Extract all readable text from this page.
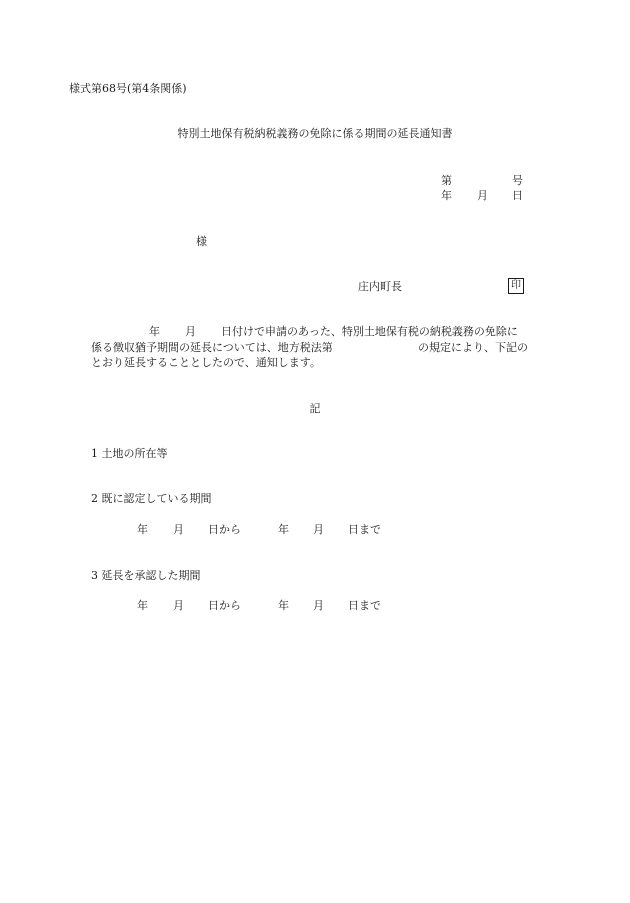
様式第68号(第4条関係)
特別土地保有税納税義務の免除に係る期間の延長通知書
第	号
年 月 日
様
庄内町長	印
年 月 日付けで申請のあった、特別土地保有税の納税義務の免除に
係る徴収猶予期間の延長については、地方税法第	の規定により、下記の
とおり延長することとしたので、通知します。
記
1 土地の所在等
2 既に認定している期間
年 月 日から	年 月 日まで
3 延長を承認した期間
年 月 日から	年 月 日まで
